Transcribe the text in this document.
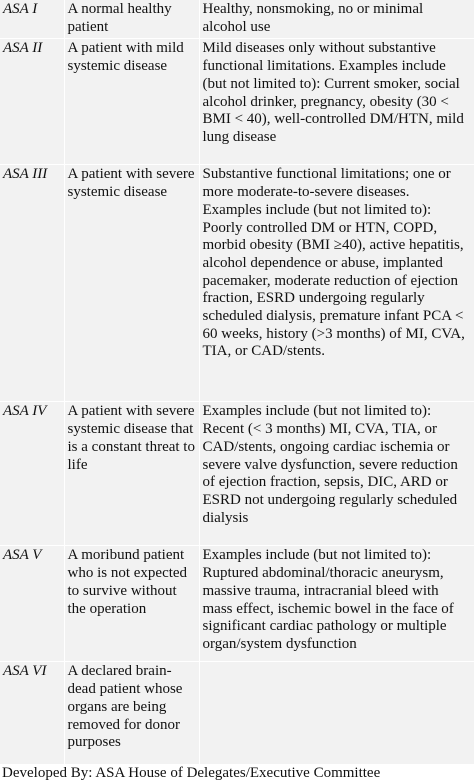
ASA I	A normal healthy patient	Healthy, nonsmoking, no or minimal alcohol use
ASA II	A patient with mild systemic disease	Mild diseases only without substantive functional limitations. Examples include (but not limited to): Current smoker, social alcohol drinker, pregnancy, obesity (30 < BMI < 40), well-controlled DM/HTN, mild lung disease
ASA III	A patient with severe systemic disease	Substantive functional limitations; one or more moderate-to-severe diseases. Examples include (but not limited to): Poorly controlled DM or HTN, COPD, morbid obesity (BMI ≥40), active hepatitis, alcohol dependence or abuse, implanted pacemaker, moderate reduction of ejection fraction, ESRD undergoing regularly scheduled dialysis, premature infant PCA < 60 weeks, history (>3 months) of MI, CVA, TIA, or CAD/stents.
ASA IV	A patient with severe systemic disease that is a constant threat to life	Examples include (but not limited to): Recent (< 3 months) MI, CVA, TIA, or CAD/stents, ongoing cardiac ischemia or severe valve dysfunction, severe reduction of ejection fraction, sepsis, DIC, ARD or ESRD not undergoing regularly scheduled dialysis
ASA V	A moribund patient who is not expected to survive without the operation	Examples include (but not limited to): Ruptured abdominal/thoracic aneurysm, massive trauma, intracranial bleed with mass effect, ischemic bowel in the face of significant cardiac pathology or multiple organ/system dysfunction
ASA VI	A declared brain-dead patient whose organs are being removed for donor purposes	
Developed By: ASA House of Delegates/Executive Committee
